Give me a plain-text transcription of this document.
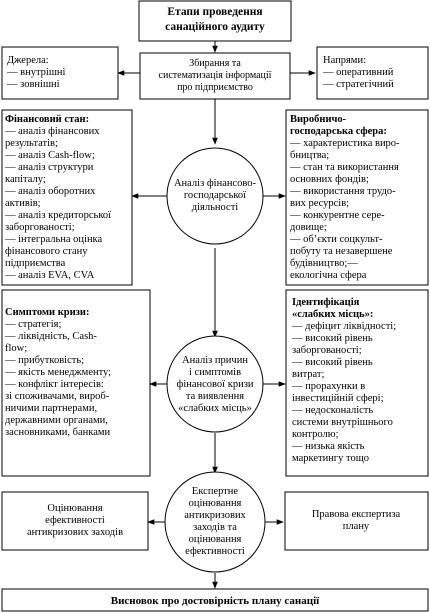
Етапи проведення
санаційного аудиту
Збирання та
систематизація інформації
про підприємство
Джерела:
— внутрішні
— зовнішні
Напрями:
— оперативний
— стратегічний
Фінансовий стан:
— аналіз фінансових
результатів;
— аналіз Cash-flow;
— аналіз структури
капіталу;
— аналіз оборотних
активів;
— аналіз кредиторської
заборгованості;
— інтегральна оцінка
фінансового стану
підприємства
— аналіз EVA, CVA
Виробничо-
господарська сфера:
— характеристика виро-
бництва;
— стан та використання
основних фондів;
— використання трудо-
вих ресурсів;
— конкурентне сере-
довище;
— об’єкти соцкульт-
побуту та незавершене
будівництво;—
екологічна сфера
Аналіз фінансово-
господарської
діяльності
Симптоми кризи:
— стратегія;
— ліквідність, Cash-
flow;
— прибутковість;
— якість менеджменту;
— конфлікт інтересів:
зі споживачами, вироб-
ничими партнерами,
державними органами,
засновниками, банками
Ідентифікація
«слабких місць»:
— дефіцит ліквідності;
— високий рівень
заборгованості;
— високий рівень
витрат;
— прорахунки в
інвестиційній сфері;
— недосконалість
системи внутрішнього
контролю;
— низька якість
маркетингу тощо
Аналіз причин
і симптомів
фінансової кризи
та виявлення
«слабких місць»
Оцінювання
ефективності
антикризових заходів
Правова експертиза
плану
Експертне
оцінювання
антикризових
заходів та
оцінювання
ефективності
Висновок про достовірність плану санації
